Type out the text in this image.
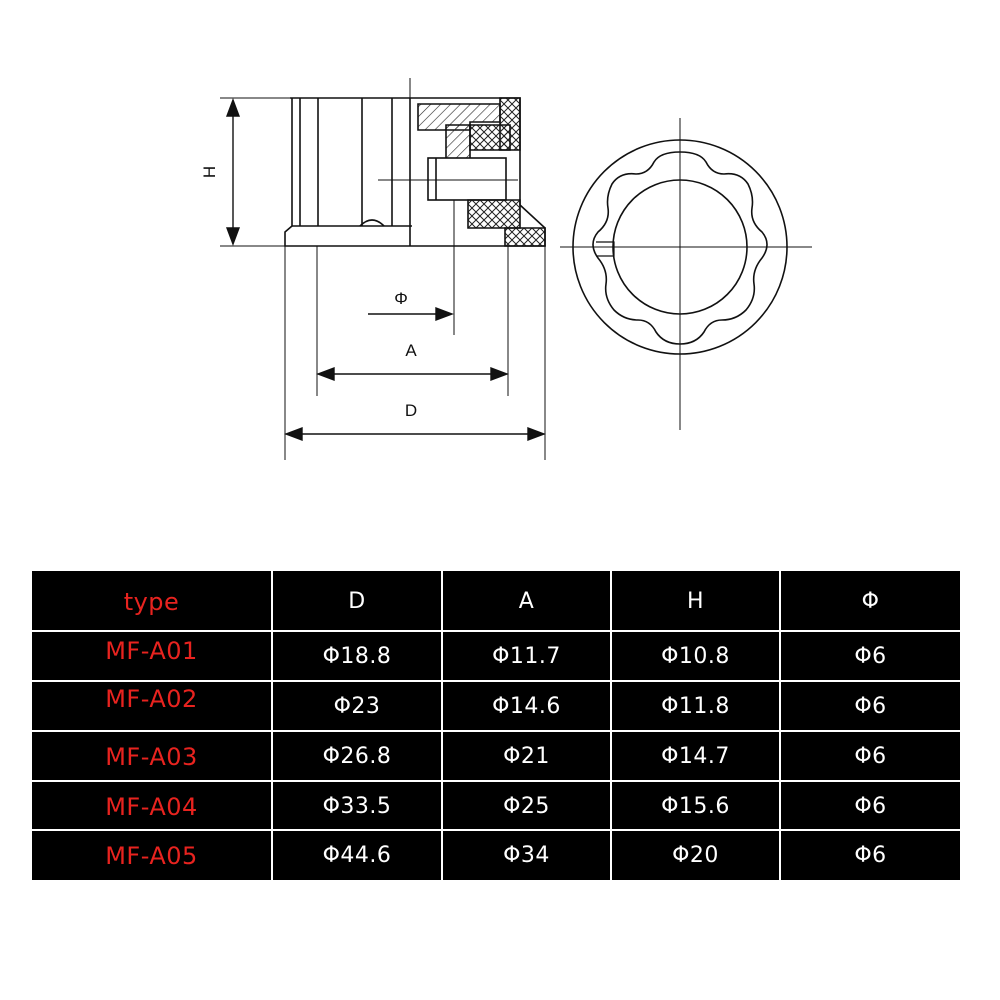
H
Φ
A
D
type	D	A	H	Φ
MF-A01	Φ18.8	Φ11.7	Φ10.8	Φ6
MF-A02	Φ23	Φ14.6	Φ11.8	Φ6
MF-A03	Φ26.8	Φ21	Φ14.7	Φ6
MF-A04	Φ33.5	Φ25	Φ15.6	Φ6
MF-A05	Φ44.6	Φ34	Φ20	Φ6
